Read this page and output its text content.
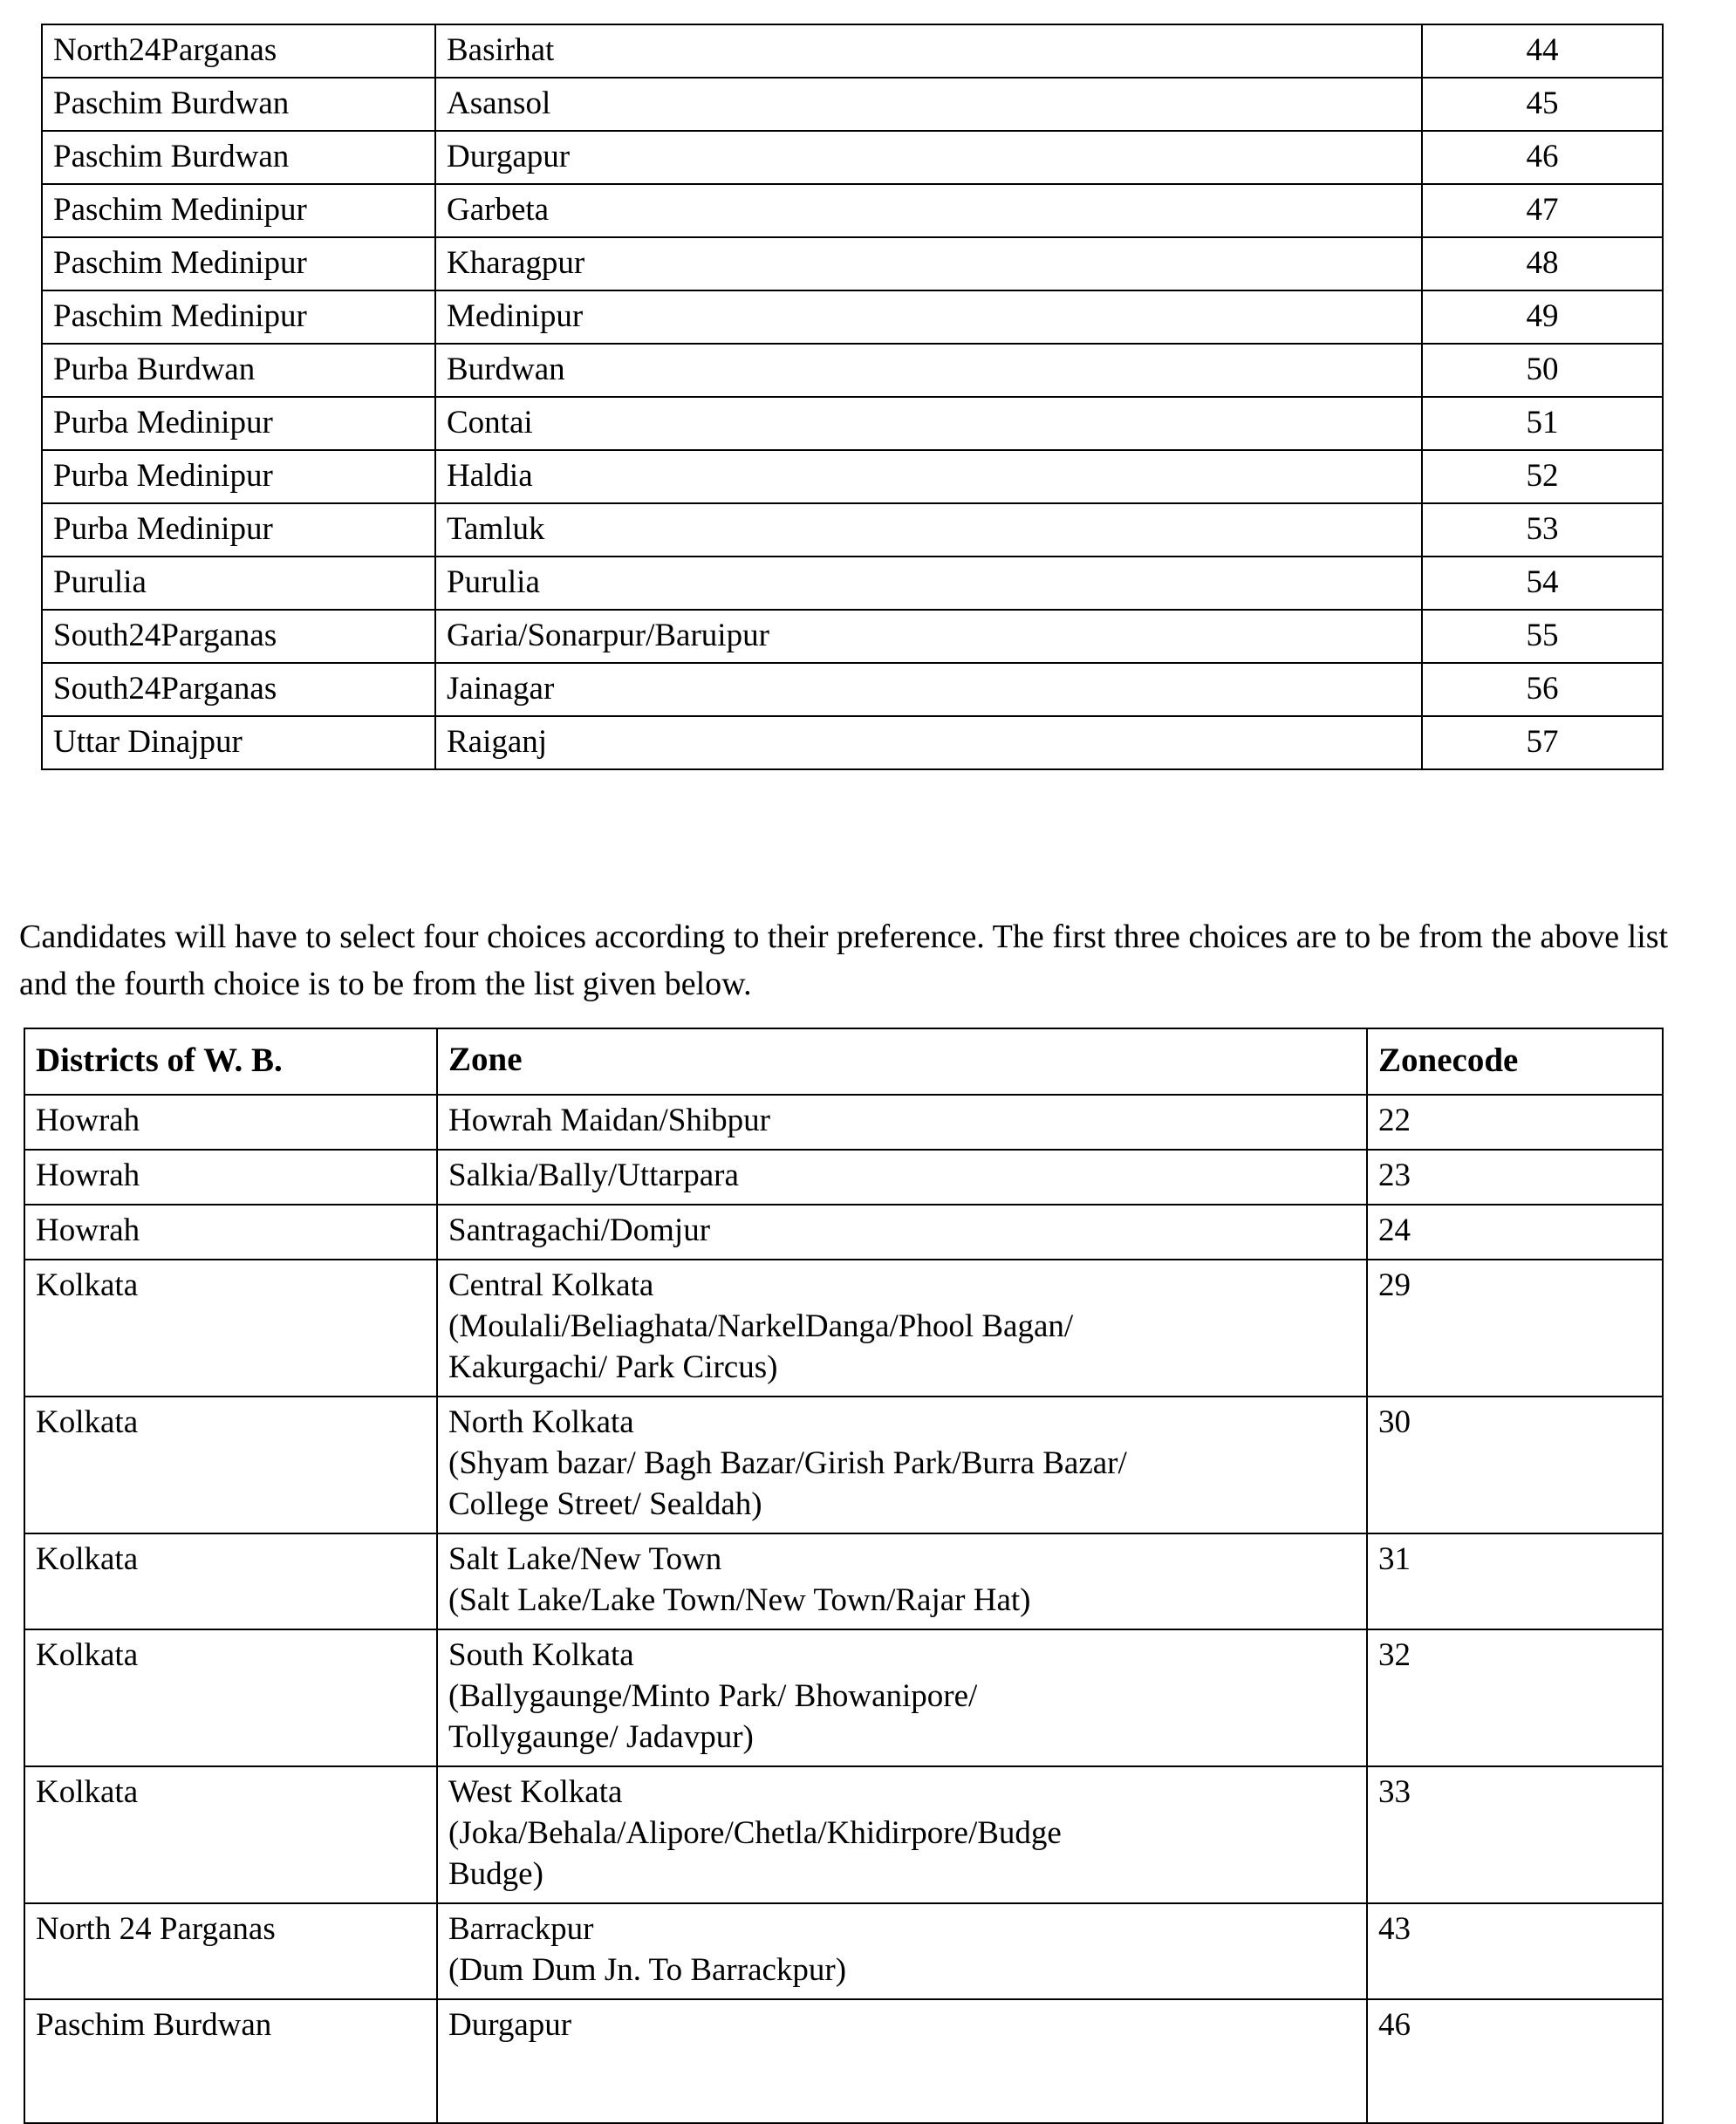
North24Parganas	Basirhat	44
Paschim Burdwan	Asansol	45
Paschim Burdwan	Durgapur	46
Paschim Medinipur	Garbeta	47
Paschim Medinipur	Kharagpur	48
Paschim Medinipur	Medinipur	49
Purba Burdwan	Burdwan	50
Purba Medinipur	Contai	51
Purba Medinipur	Haldia	52
Purba Medinipur	Tamluk	53
Purulia	Purulia	54
South24Parganas	Garia/Sonarpur/Baruipur	55
South24Parganas	Jainagar	56
Uttar Dinajpur	Raiganj	57

Candidates will have to select four choices according to their preference. The first three choices are to be from the above list and the fourth choice is to be from the list given below.

Districts of W. B.	Zone	Zonecode
Howrah	Howrah Maidan/Shibpur	22
Howrah	Salkia/Bally/Uttarpara	23
Howrah	Santragachi/Domjur	24
Kolkata	Central Kolkata
(Moulali/Beliaghata/NarkelDanga/Phool Bagan/
Kakurgachi/ Park Circus)	29
Kolkata	North Kolkata
(Shyam bazar/ Bagh Bazar/Girish Park/Burra Bazar/
College Street/ Sealdah)	30
Kolkata	Salt Lake/New Town
(Salt Lake/Lake Town/New Town/Rajar Hat)	31
Kolkata	South Kolkata
(Ballygaunge/Minto Park/ Bhowanipore/
Tollygaunge/ Jadavpur)	32
Kolkata	West Kolkata
(Joka/Behala/Alipore/Chetla/Khidirpore/Budge
Budge)	33
North 24 Parganas	Barrackpur
(Dum Dum Jn. To Barrackpur)	43
Paschim Burdwan	Durgapur	46
